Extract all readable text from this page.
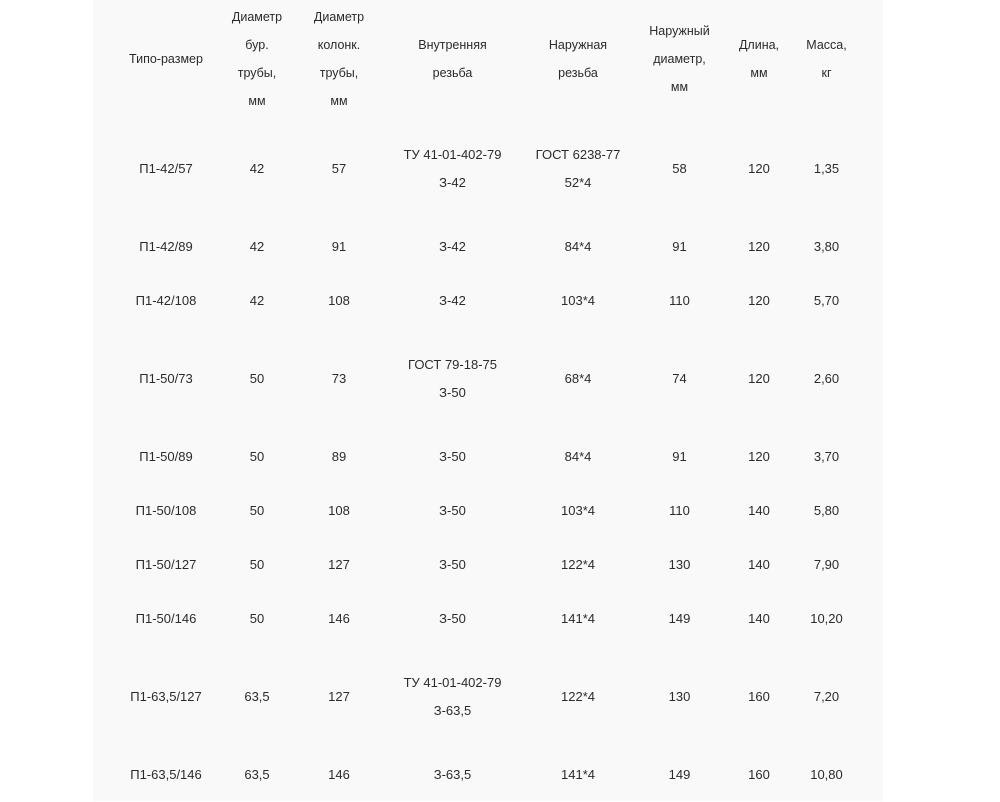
Типо-размер	Диаметр
бур.
трубы,
мм	Диаметр
колонк.
трубы,
мм	Внутренняя
резьба	Наружная
резьба	Наружный
диаметр,
мм	Длина,
мм	Масса,
кг

П1-42/57	42	57	ТУ 41-01-402-79
З-42	ГОСТ 6238-77
52*4	58	120	1,35
П1-42/89	42	91	З-42	84*4	91	120	3,80
П1-42/108	42	108	З-42	103*4	110	120	5,70
П1-50/73	50	73	ГОСТ 79-18-75
З-50	68*4	74	120	2,60
П1-50/89	50	89	З-50	84*4	91	120	3,70
П1-50/108	50	108	З-50	103*4	110	140	5,80
П1-50/127	50	127	З-50	122*4	130	140	7,90
П1-50/146	50	146	З-50	141*4	149	140	10,20
П1-63,5/127	63,5	127	ТУ 41-01-402-79
З-63,5	122*4	130	160	7,20
П1-63,5/146	63,5	146	З-63,5	141*4	149	160	10,80
